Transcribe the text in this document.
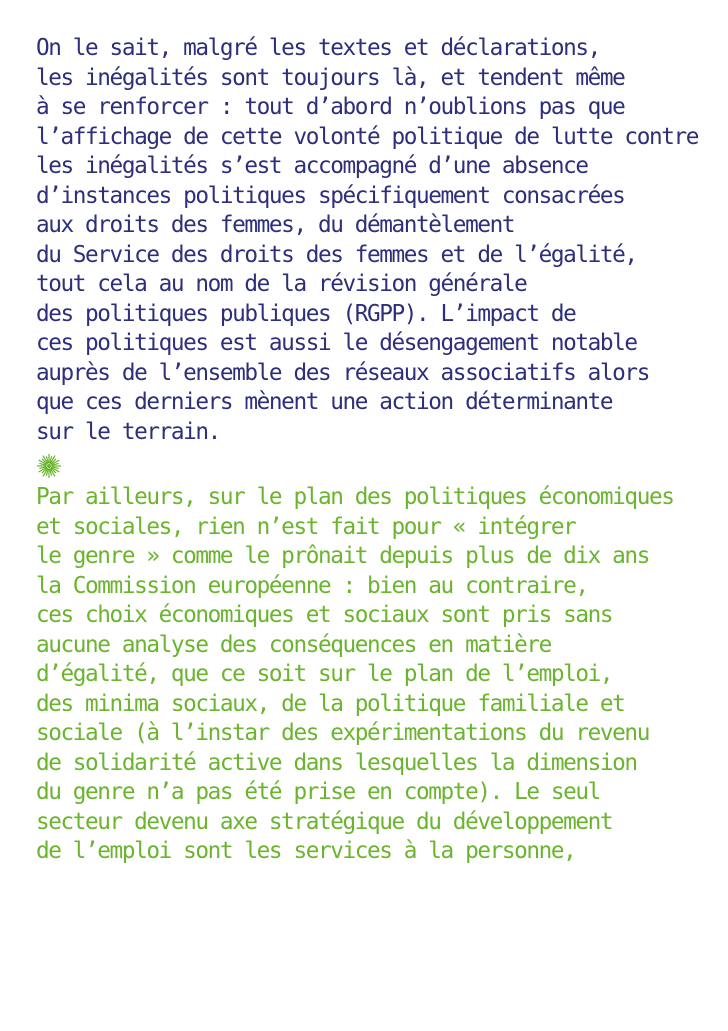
On le sait, malgré les textes et déclarations,
les inégalités sont toujours là, et tendent même
à se renforcer : tout d’abord n’oublions pas que
l’affichage de cette volonté politique de lutte contre
les inégalités s’est accompagné d’une absence
d’instances politiques spécifiquement consacrées
aux droits des femmes, du démantèlement
du Service des droits des femmes et de l’égalité,
tout cela au nom de la révision générale
des politiques publiques (RGPP). L’impact de
ces politiques est aussi le désengagement notable
auprès de l’ensemble des réseaux associatifs alors
que ces derniers mènent une action déterminante
sur le terrain.
Par ailleurs, sur le plan des politiques économiques
et sociales, rien n’est fait pour « intégrer
le genre » comme le prônait depuis plus de dix ans
la Commission européenne : bien au contraire,
ces choix économiques et sociaux sont pris sans
aucune analyse des conséquences en matière
d’égalité, que ce soit sur le plan de l’emploi,
des minima sociaux, de la politique familiale et
sociale (à l’instar des expérimentations du revenu
de solidarité active dans lesquelles la dimension
du genre n’a pas été prise en compte). Le seul
secteur devenu axe stratégique du développement
de l’emploi sont les services à la personne,
